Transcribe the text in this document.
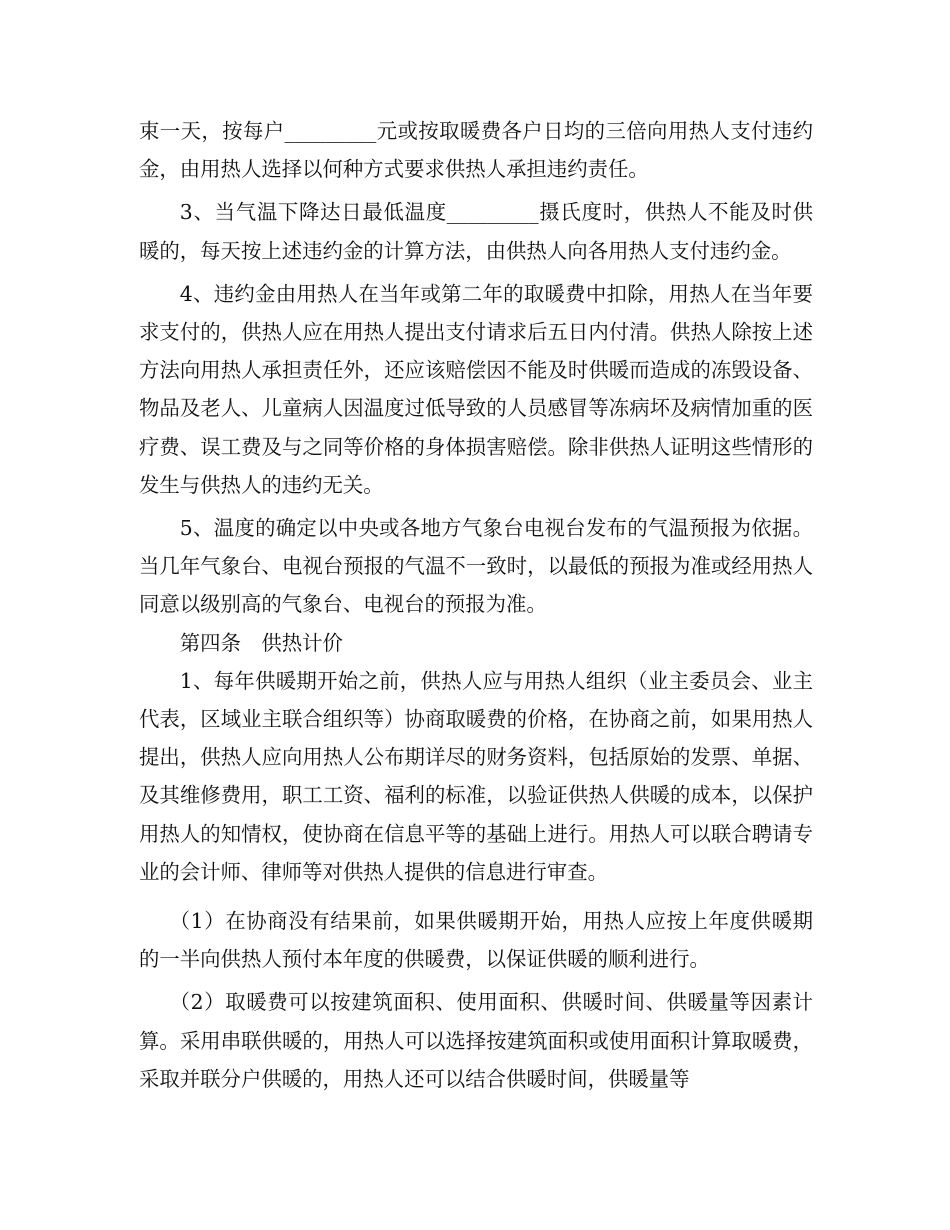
束一天，按每户_________元或按取暖费各户日均的三倍向用热人支付违约金，由用热人选择以何种方式要求供热人承担违约责任。

3、当气温下降达日最低温度_________摄氏度时，供热人不能及时供暖的，每天按上述违约金的计算方法，由供热人向各用热人支付违约金。

4、违约金由用热人在当年或第二年的取暖费中扣除，用热人在当年要求支付的，供热人应在用热人提出支付请求后五日内付清。供热人除按上述方法向用热人承担责任外，还应该赔偿因不能及时供暖而造成的冻毁设备、物品及老人、儿童病人因温度过低导致的人员感冒等冻病坏及病情加重的医疗费、误工费及与之同等价格的身体损害赔偿。除非供热人证明这些情形的发生与供热人的违约无关。

5、温度的确定以中央或各地方气象台电视台发布的气温预报为依据。当几年气象台、电视台预报的气温不一致时，以最低的预报为准或经用热人同意以级别高的气象台、电视台的预报为准。

第四条　供热计价

1、每年供暖期开始之前，供热人应与用热人组织（业主委员会、业主代表，区域业主联合组织等）协商取暖费的价格，在协商之前，如果用热人提出，供热人应向用热人公布期详尽的财务资料，包括原始的发票、单据、及其维修费用，职工工资、福利的标准，以验证供热人供暖的成本，以保护用热人的知情权，使协商在信息平等的基础上进行。用热人可以联合聘请专业的会计师、律师等对供热人提供的信息进行审查。

（1）在协商没有结果前，如果供暖期开始，用热人应按上年度供暖期的一半向供热人预付本年度的供暖费，以保证供暖的顺利进行。

（2）取暖费可以按建筑面积、使用面积、供暖时间、供暖量等因素计算。采用串联供暖的，用热人可以选择按建筑面积或使用面积计算取暖费，采取并联分户供暖的，用热人还可以结合供暖时间，供暖量等
